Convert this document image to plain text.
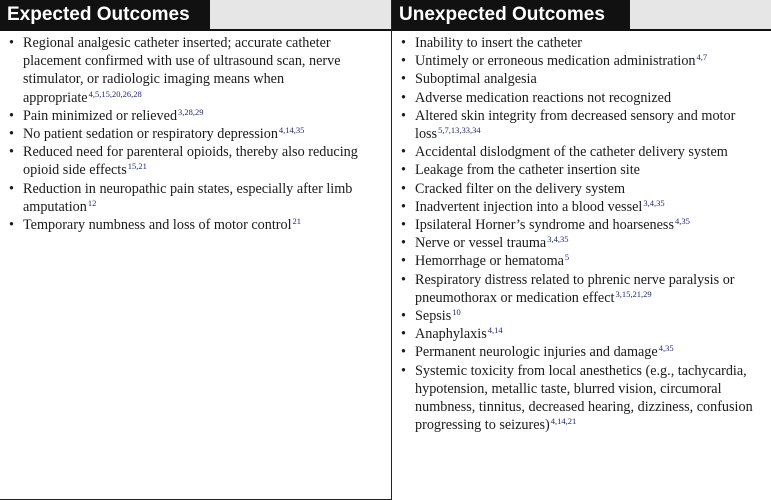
Expected Outcomes
• Regional analgesic catheter inserted; accurate catheter placement confirmed with use of ultrasound scan, nerve stimulator, or radiologic imaging means when appropriate$^{4,5,15,20,26,28}$
• Pain minimized or relieved$^{3,28,29}$
• No patient sedation or respiratory depression$^{4,14,35}$
• Reduced need for parenteral opioids, thereby also reducing opioid side effects$^{15,21}$
• Reduction in neuropathic pain states, especially after limb amputation$^{12}$
• Temporary numbness and loss of motor control$^{21}$
Unexpected Outcomes
• Inability to insert the catheter
• Untimely or erroneous medication administration$^{4,7}$
• Suboptimal analgesia
• Adverse medication reactions not recognized
• Altered skin integrity from decreased sensory and motor loss$^{5,7,13,33,34}$
• Accidental dislodgment of the catheter delivery system
• Leakage from the catheter insertion site
• Cracked filter on the delivery system
• Inadvertent injection into a blood vessel$^{3,4,35}$
• Ipsilateral Horner’s syndrome and hoarseness$^{4,35}$
• Nerve or vessel trauma$^{3,4,35}$
• Hemorrhage or hematoma$^5$
• Respiratory distress related to phrenic nerve paralysis or pneumothorax or medication effect$^{3,15,21,29}$
• Sepsis$^{10}$
• Anaphylaxis$^{4,14}$
• Permanent neurologic injuries and damage$^{4,35}$
• Systemic toxicity from local anesthetics (e.g., tachycardia, hypotension, metallic taste, blurred vision, circumoral numbness, tinnitus, decreased hearing, dizziness, confusion progressing to seizures)$^{4,14,21}$
